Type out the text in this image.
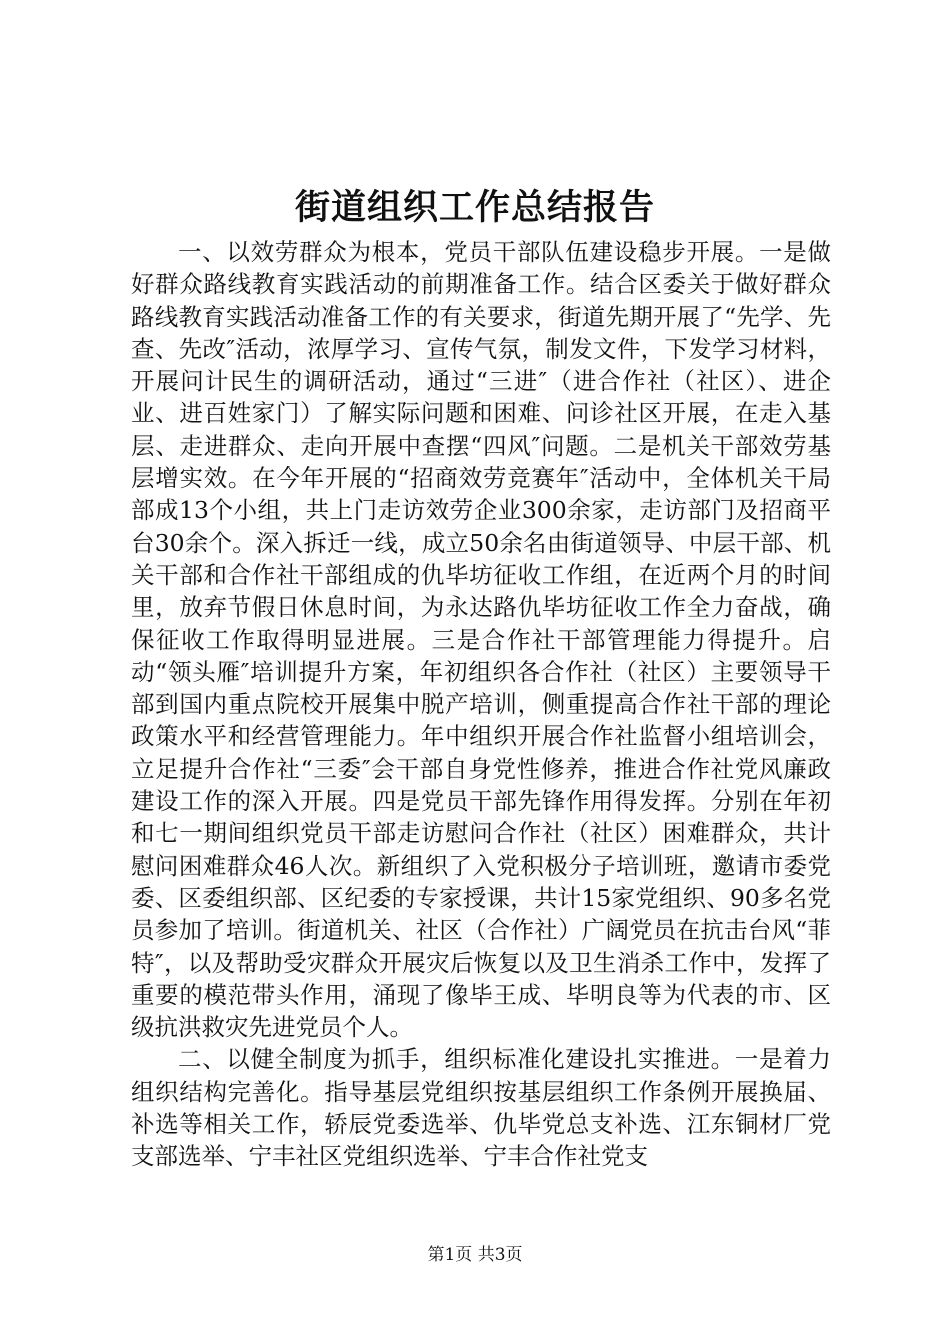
街道组织工作总结报告

一、以效劳群众为根本，党员干部队伍建设稳步开展。一是做好群众路线教育实践活动的前期准备工作。结合区委关于做好群众路线教育实践活动准备工作的有关要求，街道先期开展了“先学、先查、先改″活动，浓厚学习、宣传气氛，制发文件，下发学习材料，开展问计民生的调研活动，通过“三进″（进合作社（社区）、进企业、进百姓家门）了解实际问题和困难、问诊社区开展，在走入基层、走进群众、走向开展中查摆“四风″问题。二是机关干部效劳基层增实效。在今年开展的“招商效劳竞赛年″活动中，全体机关干局部成13个小组，共上门走访效劳企业300余家，走访部门及招商平台30余个。深入拆迁一线，成立50余名由街道领导、中层干部、机关干部和合作社干部组成的仇毕坊征收工作组，在近两个月的时间里，放弃节假日休息时间，为永达路仇毕坊征收工作全力奋战，确保征收工作取得明显进展。三是合作社干部管理能力得提升。启动“领头雁″培训提升方案，年初组织各合作社（社区）主要领导干部到国内重点院校开展集中脱产培训，侧重提高合作社干部的理论政策水平和经营管理能力。年中组织开展合作社监督小组培训会，立足提升合作社“三委″会干部自身党性修养，推进合作社党风廉政建设工作的深入开展。四是党员干部先锋作用得发挥。分别在年初和七一期间组织党员干部走访慰问合作社（社区）困难群众，共计慰问困难群众46人次。新组织了入党积极分子培训班，邀请市委党委、区委组织部、区纪委的专家授课，共计15家党组织、90多名党员参加了培训。街道机关、社区（合作社）广阔党员在抗击台风“菲特″，以及帮助受灾群众开展灾后恢复以及卫生消杀工作中，发挥了重要的模范带头作用，涌现了像毕王成、毕明良等为代表的市、区级抗洪救灾先进党员个人。

二、以健全制度为抓手，组织标准化建设扎实推进。一是着力组织结构完善化。指导基层党组织按基层组织工作条例开展换届、补选等相关工作，轿辰党委选举、仇毕党总支补选、江东铜材厂党支部选举、宁丰社区党组织选举、宁丰合作社党支

第1页 共3页
